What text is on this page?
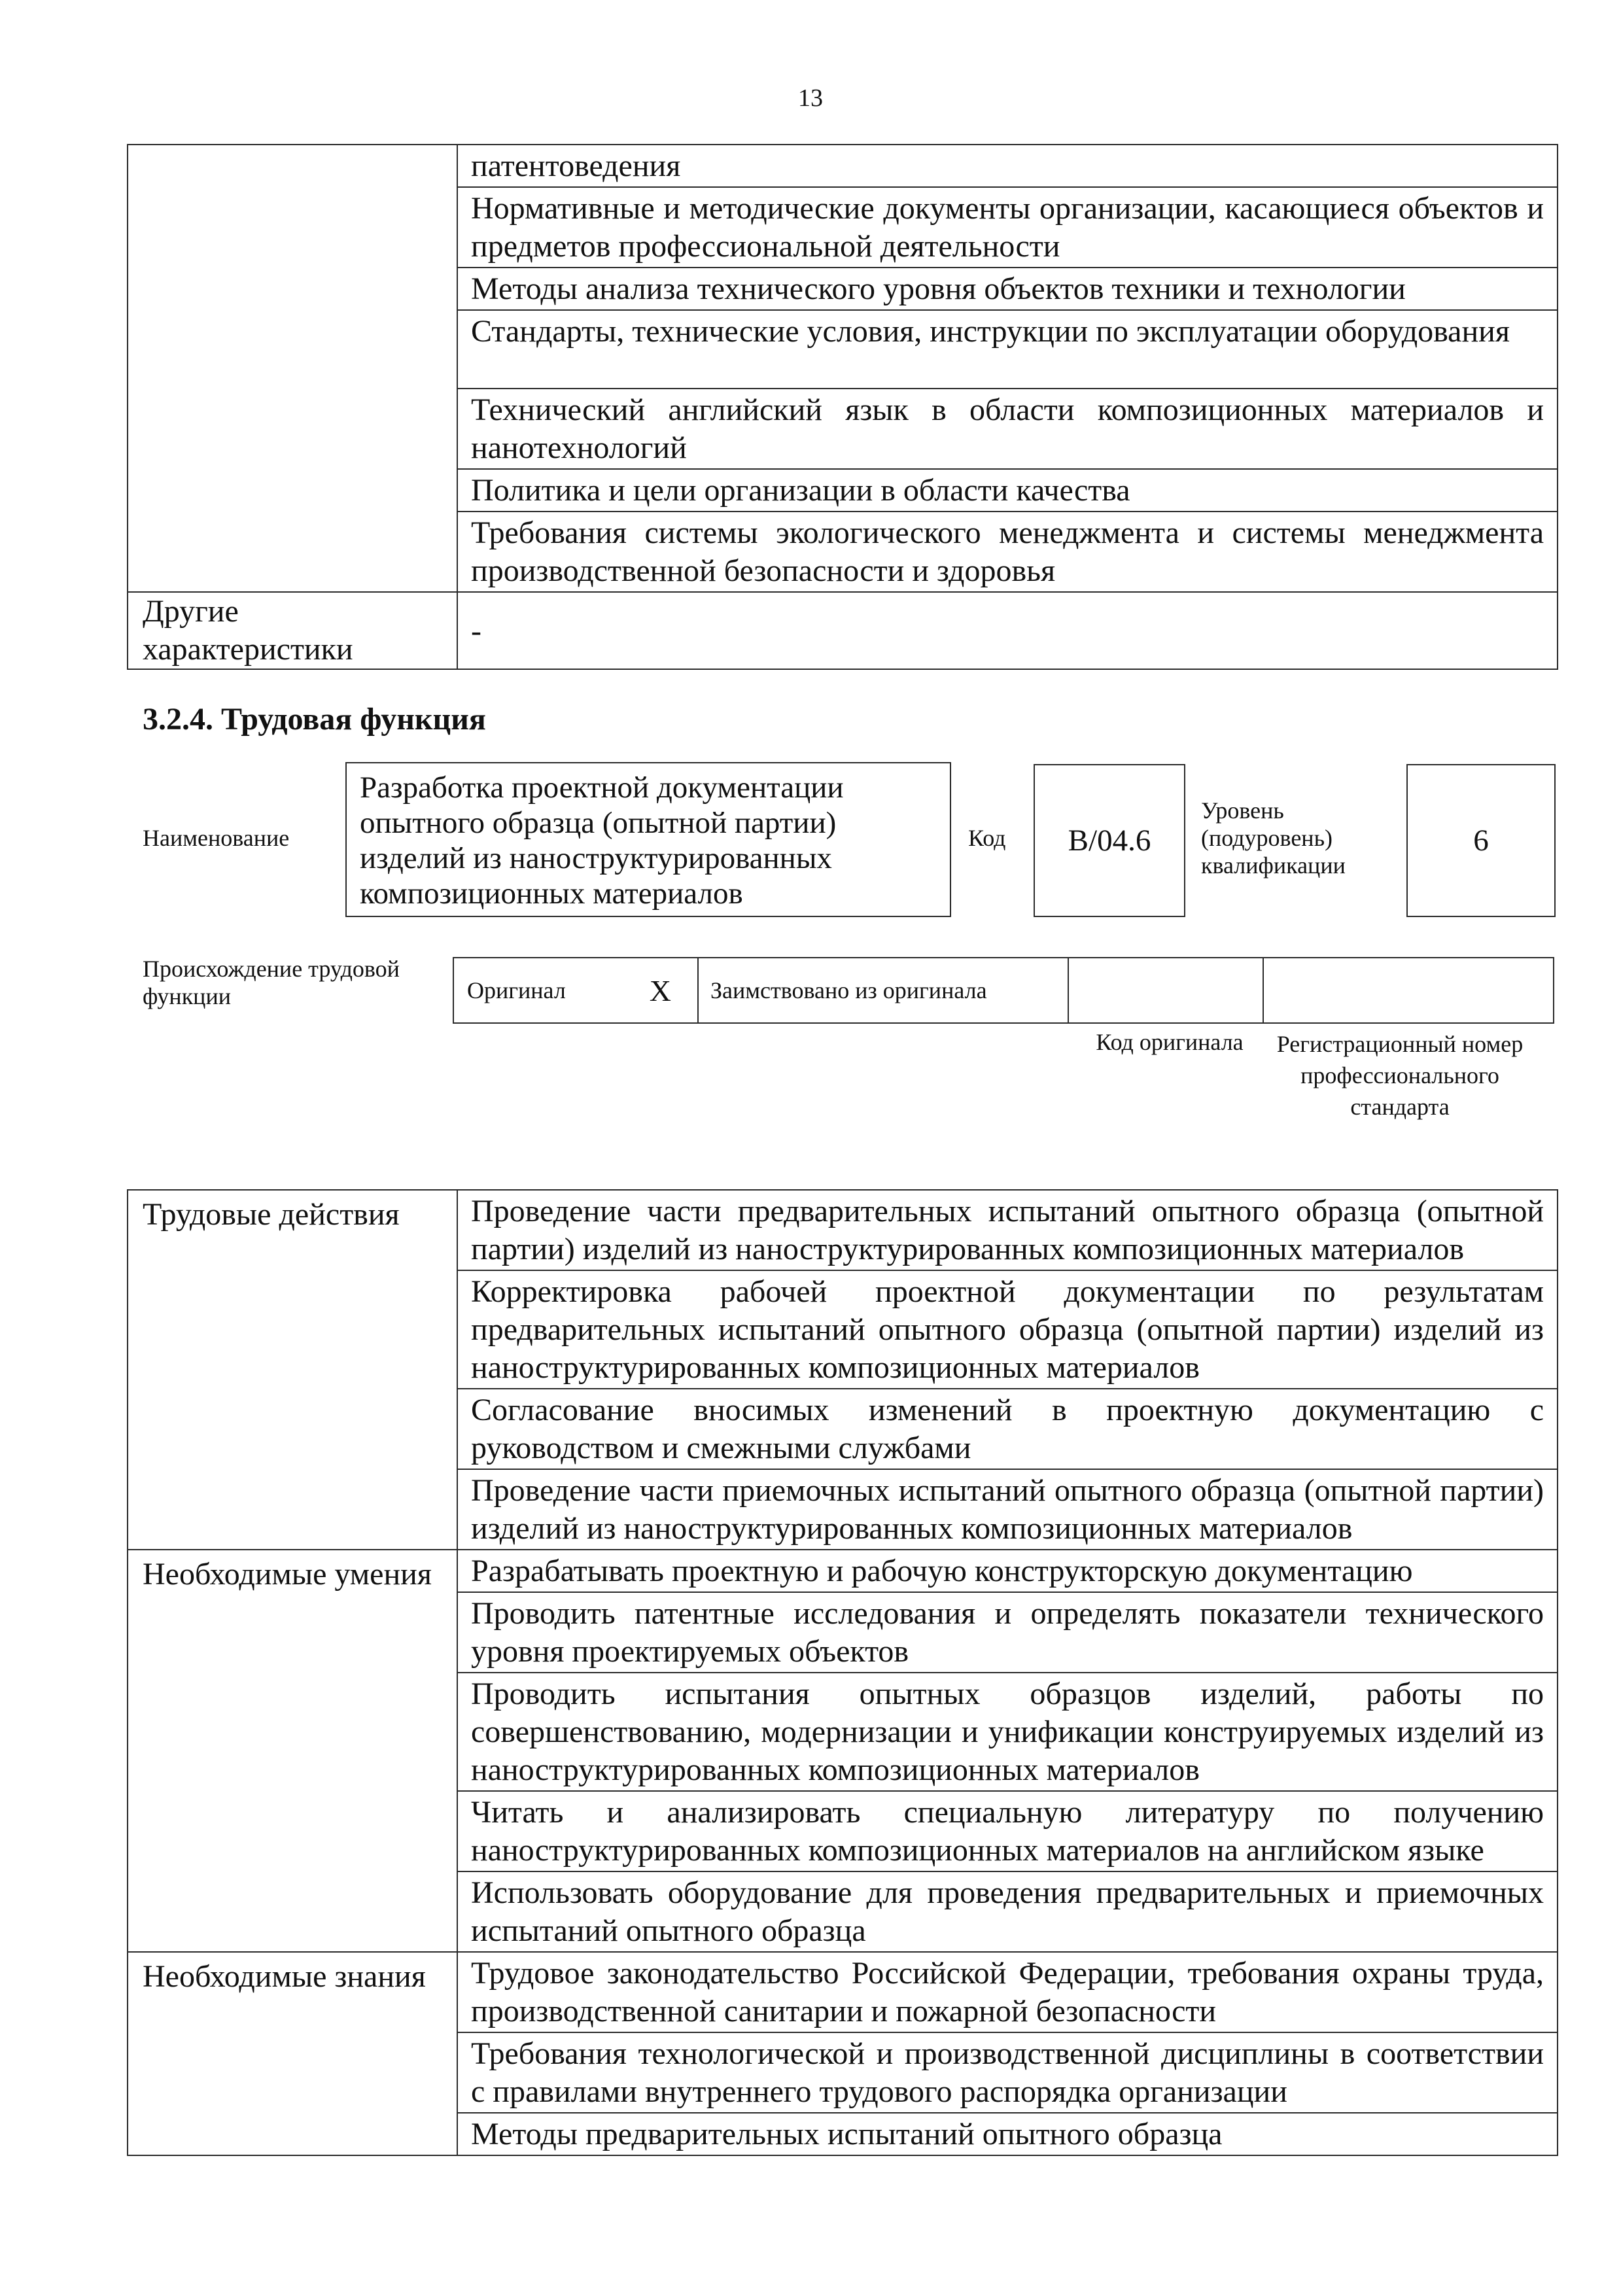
13
	патентоведения
	Нормативные и методические документы организации, касающиеся объектов и предметов профессиональной деятельности
	Методы анализа технического уровня объектов техники и технологии
	Стандарты, технические условия, инструкции по эксплуатации оборудования
	Технический английский язык в области композиционных материалов и нанотехнологий
	Политика и цели организации в области качества
	Требования системы экологического менеджмента и системы менеджмента производственной безопасности и здоровья
Другие характеристики	-
3.2.4. Трудовая функция
Наименование
Разработка проектной документации опытного образца (опытной партии) изделий из наноструктурированных композиционных материалов
Код B/04.6
Уровень (подуровень) квалификации
6
Происхождение трудовой функции	Оригинал	X Заимствовано из оригинала
Код оригинала	Регистрационный номер профессионального стандарта
Трудовые действия	Проведение части предварительных испытаний опытного образца (опытной партии) изделий из наноструктурированных композиционных материалов
	Корректировка рабочей проектной документации по результатам предварительных испытаний опытного образца (опытной партии) изделий из наноструктурированных композиционных материалов
	Согласование вносимых изменений в проектную документацию с руководством и смежными службами
	Проведение части приемочных испытаний опытного образца (опытной партии) изделий из наноструктурированных композиционных материалов
Необходимые умения	Разрабатывать проектную и рабочую конструкторскую документацию
	Проводить патентные исследования и определять показатели технического уровня проектируемых объектов
	Проводить испытания опытных образцов изделий, работы по совершенствованию, модернизации и унификации конструируемых изделий из наноструктурированных композиционных материалов
	Читать и анализировать специальную литературу по получению наноструктурированных композиционных материалов на английском языке
	Использовать оборудование для проведения предварительных и приемочных испытаний опытного образца
Необходимые знания	Трудовое законодательство Российской Федерации, требования охраны труда, производственной санитарии и пожарной безопасности
	Требования технологической и производственной дисциплины в соответствии с правилами внутреннего трудового распорядка организации
	Методы предварительных испытаний опытного образца
